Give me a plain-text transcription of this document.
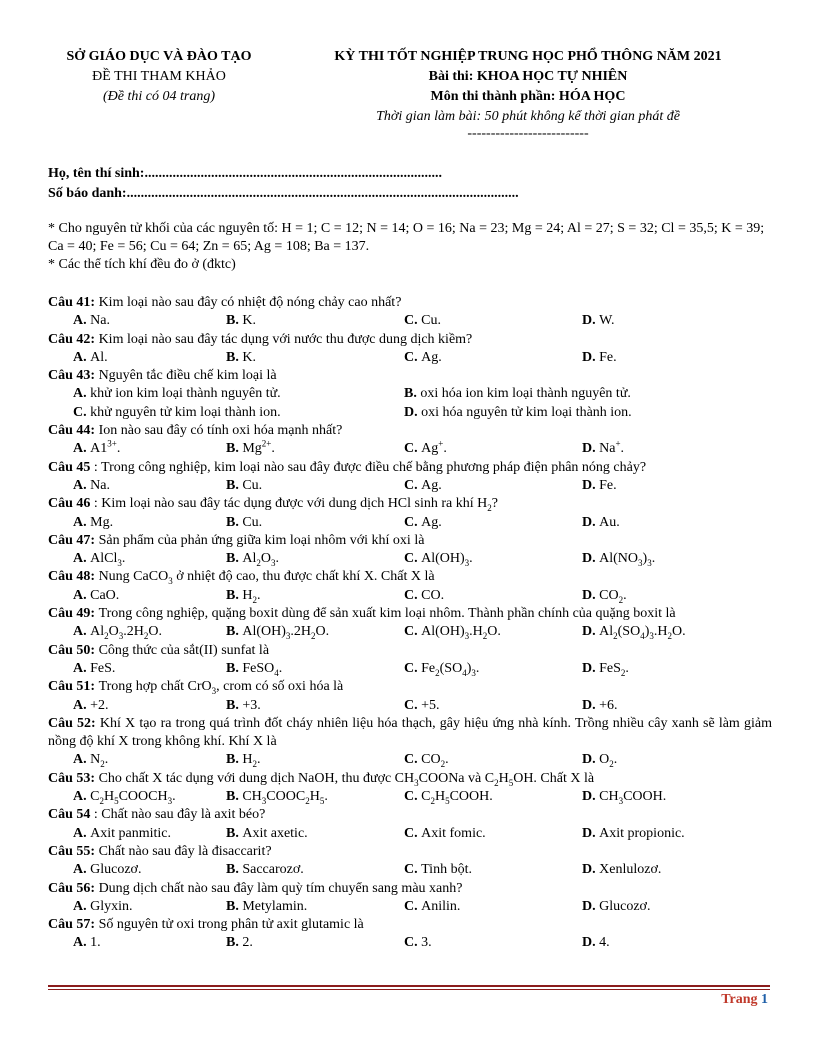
SỞ GIÁO DỤC VÀ ĐÀO TẠO
ĐỀ THI THAM KHẢO
(Đề thi có 04 trang)
KỲ THI TỐT NGHIỆP TRUNG HỌC PHỔ THÔNG NĂM 2021
Bài thi: KHOA HỌC TỰ NHIÊN
Môn thi thành phần: HÓA HỌC
Thời gian làm bài: 50 phút không kể thời gian phát đề
--------------------------
Họ, tên thí sinh:.....................................................................................
Số báo danh:................................................................................................................
* Cho nguyên tử khối của các nguyên tố: H = 1; C = 12; N = 14; O = 16; Na = 23; Mg = 24; Al = 27; S = 32; Cl = 35,5; K = 39; Ca = 40; Fe = 56; Cu = 64; Zn = 65; Ag = 108; Ba = 137.
* Các thể tích khí đều đo ở (đktc)
Câu 41: Kim loại nào sau đây có nhiệt độ nóng chảy cao nhất?
A. Na.	B. K.	C. Cu.	D. W.
Câu 42: Kim loại nào sau đây tác dụng với nước thu được dung dịch kiềm?
A. Al.	B. K.	C. Ag.	D. Fe.
Câu 43: Nguyên tắc điều chế kim loại là
A. khử ion kim loại thành nguyên tử.	B. oxi hóa ion kim loại thành nguyên tử.
C. khử nguyên tử kim loại thành ion.	D. oxi hóa nguyên tử kim loại thành ion.
Câu 44: Ion nào sau đây có tính oxi hóa mạnh nhất?
A. $A1^{3+}$.	B. $Mg^{2+}$.	C. Ag+.	D. Na+.
Câu 45 : Trong công nghiệp, kim loại nào sau đây được điều chế bằng phương pháp điện phân nóng chảy?
A. Na.	B. Cu.	C. Ag.	D. Fe.
Câu 46 : Kim loại nào sau đây tác dụng được với dung dịch HCl sinh ra khí $H_2$?
A. Mg.	B. Cu.	C. Ag.	D. Au.
Câu 47: Sản phẩm của phản ứng giữa kim loại nhôm với khí oxi là
A. AlCl$_3$.	B. $Al_2O_3$.	C. $Al(OH)_3$.	D. $Al(NO_3)_3$.
Câu 48: Nung CaCO$_3$ ở nhiệt độ cao, thu được chất khí X. Chất X là
A. CaO.	B. $H_2$.	C. CO.	D. $CO_2$.
Câu 49: Trong công nghiệp, quặng boxit dùng để sản xuất kim loại nhôm. Thành phần chính của quặng boxit là
A. $Al_2O_3.2H_2O$.	B. $Al(OH)_3.2H_2O$.	C. $Al(OH)_3.H_2O$.	D. $Al_2(SO_4)_3.H_2O$.
Câu 50: Công thức của sắt(II) sunfat là
A. FeS.	B. FeSO$_4$.	C. $Fe_2(SO_4)_3$.	D. FeS$_2$.
Câu 51: Trong hợp chất CrO$_3$, crom có số oxi hóa là
A. +2.	B. +3.	C. +5.	D. +6.
Câu 52: Khí X tạo ra trong quá trình đốt cháy nhiên liệu hóa thạch, gây hiệu ứng nhà kính. Trồng nhiều cây xanh sẽ làm giảm nồng độ khí X trong không khí. Khí X là
A. $N_2$.	B. $H_2$.	C. $CO_2$.	D. $O_2$.
Câu 53: Cho chất X tác dụng với dung dịch NaOH, thu được $CH_3COONa$ và $C_2H_5OH$. Chất X là
A. $C_2H_5COOCH_3$.	B. $CH_3COOC_2H_5$.	C. $C_2H_5COOH$.	D. $CH_3COOH$.
Câu 54 : Chất nào sau đây là axit béo?
A. Axit panmitic.	B. Axit axetic.	C. Axit fomic.	D. Axit propionic.
Câu 55: Chất nào sau đây là đisaccarit?
A. Glucozơ.	B. Saccarozơ.	C. Tinh bột.	D. Xenlulozơ.
Câu 56: Dung dịch chất nào sau đây làm quỳ tím chuyển sang màu xanh?
A. Glyxin.	B. Metylamin.	C. Anilin.	D. Glucozơ.
Câu 57: Số nguyên tử oxi trong phân tử axit glutamic là
A. 1.	B. 2.	C. 3.	D. 4.
Trang 1
